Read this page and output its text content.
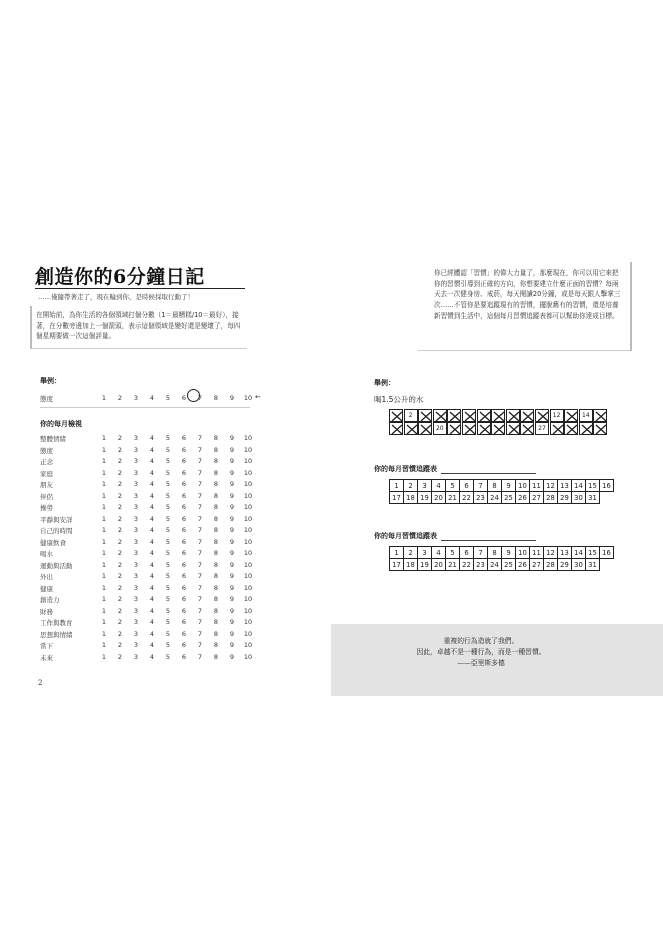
創造你的6分鐘日記
……僅隨帶著走了，現在輪到你，是時候採取行動了！
在開始前，為你生活的各個領域打個分數（1＝最糟糕/10＝最好），接著，在分數旁邊加上一個箭頭，表示這個領域是變好還是變壞了，每四個星期要做一次這個評量。
舉例：
態度	1	2	3	4	5	6	7	8	9	10 ←
你的每月檢視
整體情緒	1	2	3	4	5	6	7	8	9	10
態度	1	2	3	4	5	6	7	8	9	10
正念	1	2	3	4	5	6	7	8	9	10
家庭	1	2	3	4	5	6	7	8	9	10
朋友	1	2	3	4	5	6	7	8	9	10
伴侶	1	2	3	4	5	6	7	8	9	10
操勞	1	2	3	4	5	6	7	8	9	10
平靜與安詳	1	2	3	4	5	6	7	8	9	10
自己的時間	1	2	3	4	5	6	7	8	9	10
健康飲食	1	2	3	4	5	6	7	8	9	10
喝水	1	2	3	4	5	6	7	8	9	10
運動與活動	1	2	3	4	5	6	7	8	9	10
外出	1	2	3	4	5	6	7	8	9	10
健康	1	2	3	4	5	6	7	8	9	10
創造力	1	2	3	4	5	6	7	8	9	10
財務	1	2	3	4	5	6	7	8	9	10
工作與教育	1	2	3	4	5	6	7	8	9	10
思想與情緒	1	2	3	4	5	6	7	8	9	10
當下	1	2	3	4	5	6	7	8	9	10
未來	1	2	3	4	5	6	7	8	9	10
2
你已經體認「習慣」的偉大力量了，那麼現在，你可以用它來把你的習慣引導到正確的方向，你想要建立什麼正面的習慣？每兩天去一次健身房、戒菸，每天閱讀20分鐘，或是每天跟人擊掌三次……不管你是要追蹤現有的習慣，擺脫舊有的習慣，還是培養新習慣到生活中，這個每月習慣追蹤表都可以幫助你達成目標。
舉例：
喝1.5公升的水
2	12	14
20	27
你的每月習慣追蹤表
1	2	3	4	5	6	7	8	9	10	11	12	13	14	15	16
17	18	19	20	21	22	23	24	25	26	27	28	29	30	31	
你的每月習慣追蹤表
1	2	3	4	5	6	7	8	9	10	11	12	13	14	15	16
17	18	19	20	21	22	23	24	25	26	27	28	29	30	31	
重複的行為造就了我們。
因此，卓越不是一種行為，而是一種習慣。
——亞里斯多德
